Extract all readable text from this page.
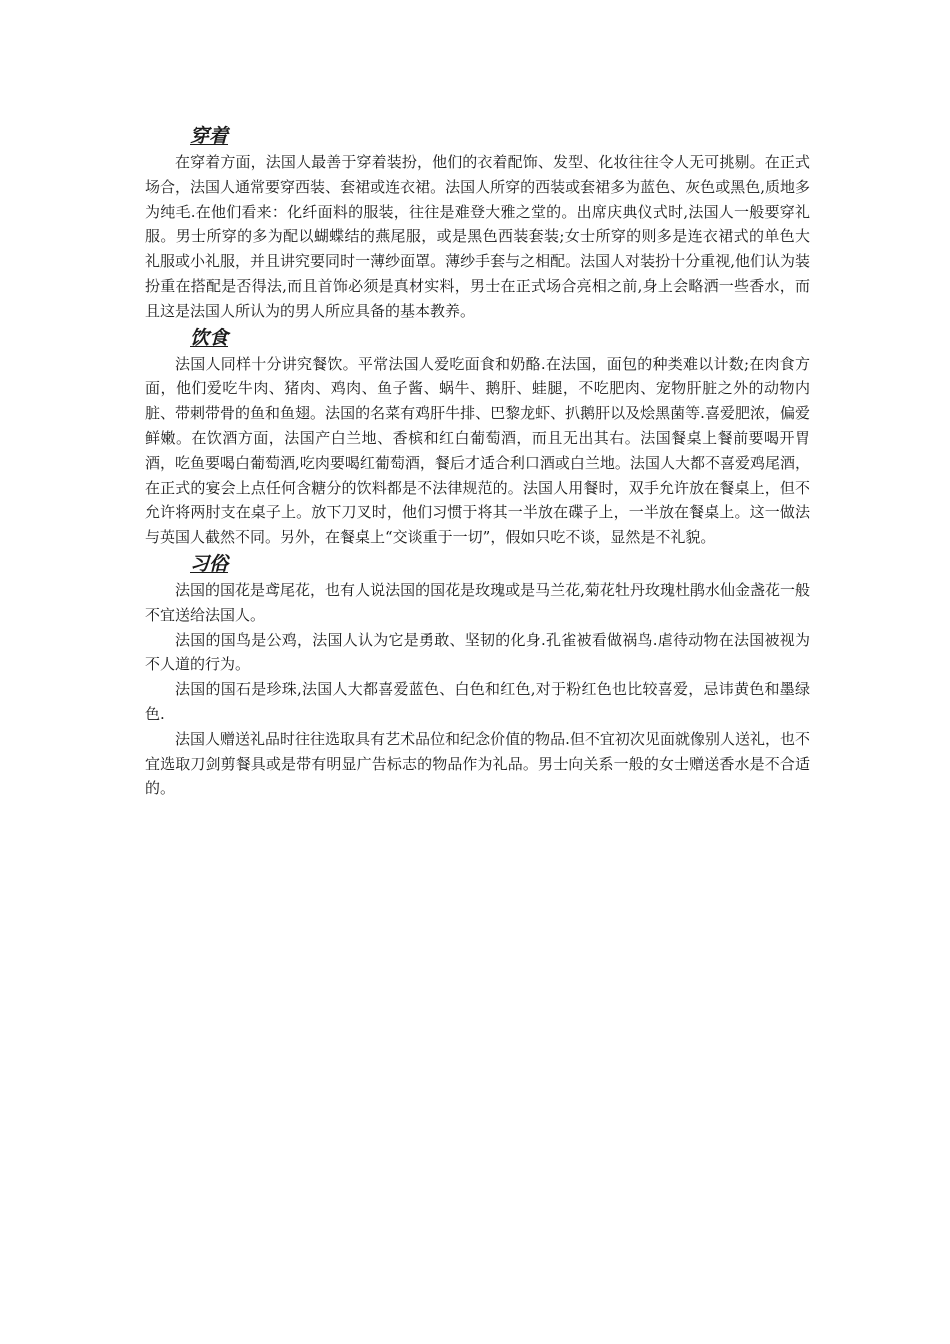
穿着

在穿着方面，法国人最善于穿着装扮，他们的衣着配饰、发型、化妆往往令人无可挑剔。在正式场合，法国人通常要穿西装、套裙或连衣裙。法国人所穿的西装或套裙多为蓝色、灰色或黑色,质地多为纯毛.在他们看来：化纤面料的服装，往往是难登大雅之堂的。出席庆典仪式时,法国人一般要穿礼服。男士所穿的多为配以蝴蝶结的燕尾服，或是黑色西装套装;女士所穿的则多是连衣裙式的单色大礼服或小礼服，并且讲究要同时一薄纱面罩。薄纱手套与之相配。法国人对装扮十分重视,他们认为装扮重在搭配是否得法,而且首饰必须是真材实料，男士在正式场合亮相之前,身上会略洒一些香水，而且这是法国人所认为的男人所应具备的基本教养。

饮食

法国人同样十分讲究餐饮。平常法国人爱吃面食和奶酪.在法国，面包的种类难以计数;在肉食方面，他们爱吃牛肉、猪肉、鸡肉、鱼子酱、蜗牛、鹅肝、蛙腿，不吃肥肉、宠物肝脏之外的动物内脏、带刺带骨的鱼和鱼翅。法国的名菜有鸡肝牛排、巴黎龙虾、扒鹅肝以及烩黑菌等.喜爱肥浓，偏爱鲜嫩。在饮酒方面，法国产白兰地、香槟和红白葡萄酒，而且无出其右。法国餐桌上餐前要喝开胃酒，吃鱼要喝白葡萄酒,吃肉要喝红葡萄酒，餐后才适合利口酒或白兰地。法国人大都不喜爱鸡尾酒，在正式的宴会上点任何含糖分的饮料都是不法律规范的。法国人用餐时，双手允许放在餐桌上，但不允许将两肘支在桌子上。放下刀叉时，他们习惯于将其一半放在碟子上，一半放在餐桌上。这一做法与英国人截然不同。另外，在餐桌上“交谈重于一切”，假如只吃不谈，显然是不礼貌。

习俗

法国的国花是鸢尾花，也有人说法国的国花是玫瑰或是马兰花,菊花牡丹玫瑰杜鹃水仙金盏花一般不宜送给法国人。

法国的国鸟是公鸡，法国人认为它是勇敢、坚韧的化身.孔雀被看做祸鸟.虐待动物在法国被视为不人道的行为。

法国的国石是珍珠,法国人大都喜爱蓝色、白色和红色,对于粉红色也比较喜爱，忌讳黄色和墨绿色.

法国人赠送礼品时往往选取具有艺术品位和纪念价值的物品.但不宜初次见面就像别人送礼，也不宜选取刀剑剪餐具或是带有明显广告标志的物品作为礼品。男士向关系一般的女士赠送香水是不合适的。
